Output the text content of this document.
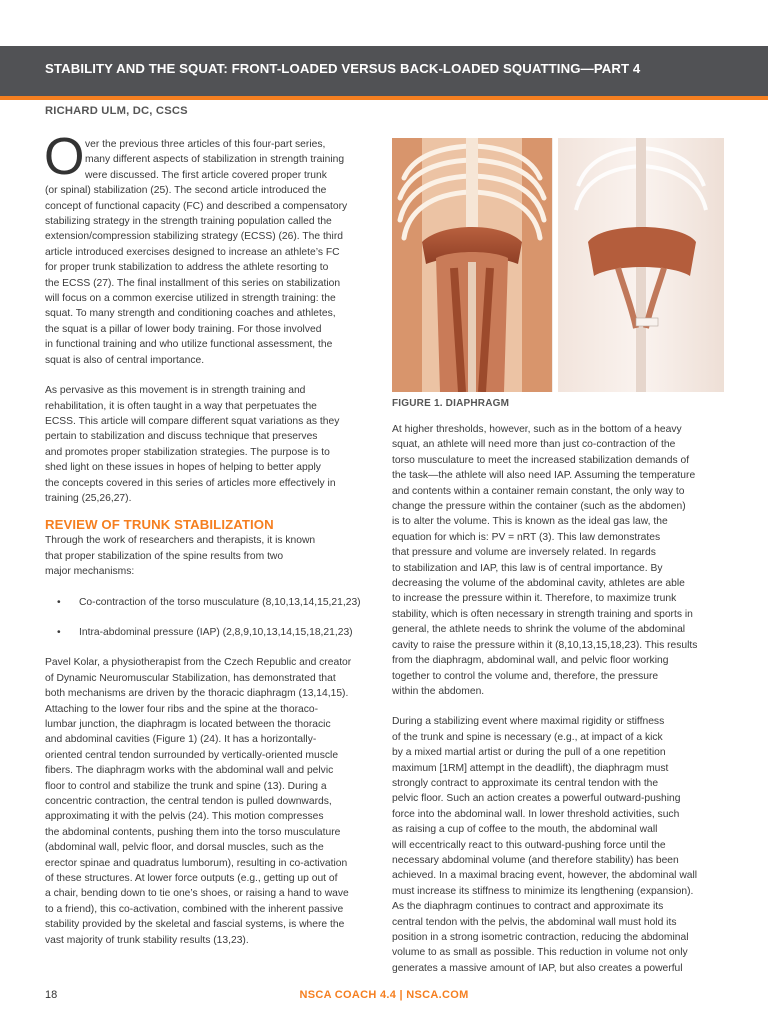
STABILITY AND THE SQUAT: FRONT-LOADED VERSUS BACK-LOADED SQUATTING—PART 4

RICHARD ULM, DC, CSCS

O ver the previous three articles of this four-part series,
many different aspects of stabilization in strength training
were discussed. The first article covered proper trunk
(or spinal) stabilization (25). The second article introduced the
concept of functional capacity (FC) and described a compensatory
stabilizing strategy in the strength training population called the
extension/compression stabilizing strategy (ECSS) (26). The third
article introduced exercises designed to increase an athlete’s FC
for proper trunk stabilization to address the athlete resorting to
the ECSS (27). The final installment of this series on stabilization
will focus on a common exercise utilized in strength training: the
squat. To many strength and conditioning coaches and athletes,
the squat is a pillar of lower body training. For those involved
in functional training and who utilize functional assessment, the
squat is also of central importance.

As pervasive as this movement is in strength training and
rehabilitation, it is often taught in a way that perpetuates the
ECSS. This article will compare different squat variations as they
pertain to stabilization and discuss technique that preserves
and promotes proper stabilization strategies. The purpose is to
shed light on these issues in hopes of helping to better apply
the concepts covered in this series of articles more effectively in
training (25,26,27).

REVIEW OF TRUNK STABILIZATION

Through the work of researchers and therapists, it is known
that proper stabilization of the spine results from two
major mechanisms:

• Co-contraction of the torso musculature (8,10,13,14,15,21,23)
• Intra-abdominal pressure (IAP) (2,8,9,10,13,14,15,18,21,23)

Pavel Kolar, a physiotherapist from the Czech Republic and creator
of Dynamic Neuromuscular Stabilization, has demonstrated that
both mechanisms are driven by the thoracic diaphragm (13,14,15).
Attaching to the lower four ribs and the spine at the thoraco-
lumbar junction, the diaphragm is located between the thoracic
and abdominal cavities (Figure 1) (24). It has a horizontally-
oriented central tendon surrounded by vertically-oriented muscle
fibers. The diaphragm works with the abdominal wall and pelvic
floor to control and stabilize the trunk and spine (13). During a
concentric contraction, the central tendon is pulled downwards,
approximating it with the pelvis (24). This motion compresses
the abdominal contents, pushing them into the torso musculature
(abdominal wall, pelvic floor, and dorsal muscles, such as the
erector spinae and quadratus lumborum), resulting in co-activation
of these structures. At lower force outputs (e.g., getting up out of
a chair, bending down to tie one’s shoes, or raising a hand to wave
to a friend), this co-activation, combined with the inherent passive
stability provided by the skeletal and fascial systems, is where the
vast majority of trunk stability results (13,23).

FIGURE 1. DIAPHRAGM

At higher thresholds, however, such as in the bottom of a heavy
squat, an athlete will need more than just co-contraction of the
torso musculature to meet the increased stabilization demands of
the task—the athlete will also need IAP. Assuming the temperature
and contents within a container remain constant, the only way to
change the pressure within the container (such as the abdomen)
is to alter the volume. This is known as the ideal gas law, the
equation for which is: PV = nRT (3). This law demonstrates
that pressure and volume are inversely related. In regards
to stabilization and IAP, this law is of central importance. By
decreasing the volume of the abdominal cavity, athletes are able
to increase the pressure within it. Therefore, to maximize trunk
stability, which is often necessary in strength training and sports in
general, the athlete needs to shrink the volume of the abdominal
cavity to raise the pressure within it (8,10,13,15,18,23). This results
from the diaphragm, abdominal wall, and pelvic floor working
together to control the volume and, therefore, the pressure
within the abdomen.

During a stabilizing event where maximal rigidity or stiffness
of the trunk and spine is necessary (e.g., at impact of a kick
by a mixed martial artist or during the pull of a one repetition
maximum [1RM] attempt in the deadlift), the diaphragm must
strongly contract to approximate its central tendon with the
pelvic floor. Such an action creates a powerful outward-pushing
force into the abdominal wall. In lower threshold activities, such
as raising a cup of coffee to the mouth, the abdominal wall
will eccentrically react to this outward-pushing force until the
necessary abdominal volume (and therefore stability) has been
achieved. In a maximal bracing event, however, the abdominal wall
must increase its stiffness to minimize its lengthening (expansion).
As the diaphragm continues to contract and approximate its
central tendon with the pelvis, the abdominal wall must hold its
position in a strong isometric contraction, reducing the abdominal
volume to as small as possible. This reduction in volume not only
generates a massive amount of IAP, but also creates a powerful

18	NSCA COACH 4.4 | NSCA.COM
